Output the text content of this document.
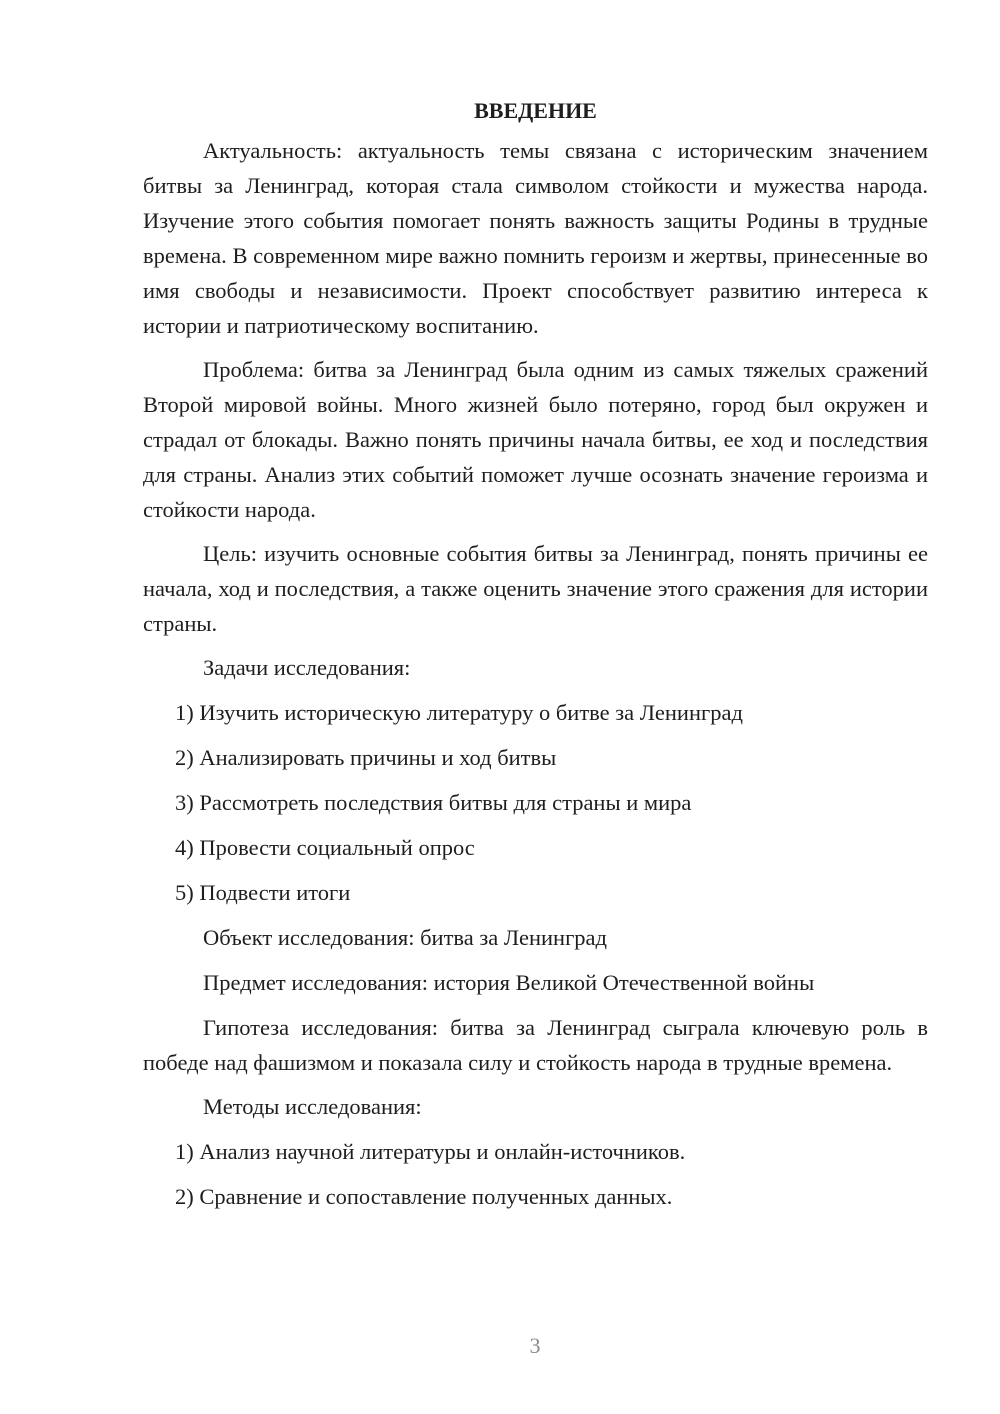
ВВЕДЕНИЕ

Актуальность: актуальность темы связана с историческим значением битвы за Ленинград, которая стала символом стойкости и мужества народа. Изучение этого события помогает понять важность защиты Родины в трудные времена. В современном мире важно помнить героизм и жертвы, принесенные во имя свободы и независимости. Проект способствует развитию интереса к истории и патриотическому воспитанию.

Проблема: битва за Ленинград была одним из самых тяжелых сражений Второй мировой войны. Много жизней было потеряно, город был окружен и страдал от блокады. Важно понять причины начала битвы, ее ход и последствия для страны. Анализ этих событий поможет лучше осознать значение героизма и стойкости народа.

Цель: изучить основные события битвы за Ленинград, понять причины ее начала, ход и последствия, а также оценить значение этого сражения для истории страны.

Задачи исследования:
1) Изучить историческую литературу о битве за Ленинград
2) Анализировать причины и ход битвы
3) Рассмотреть последствия битвы для страны и мира
4) Провести социальный опрос
5) Подвести итоги
Объект исследования: битва за Ленинград
Предмет исследования: история Великой Отечественной войны

Гипотеза исследования: битва за Ленинград сыграла ключевую роль в победе над фашизмом и показала силу и стойкость народа в трудные времена.

Методы исследования:
1) Анализ научной литературы и онлайн-источников.
2) Сравнение и сопоставление полученных данных.
3
